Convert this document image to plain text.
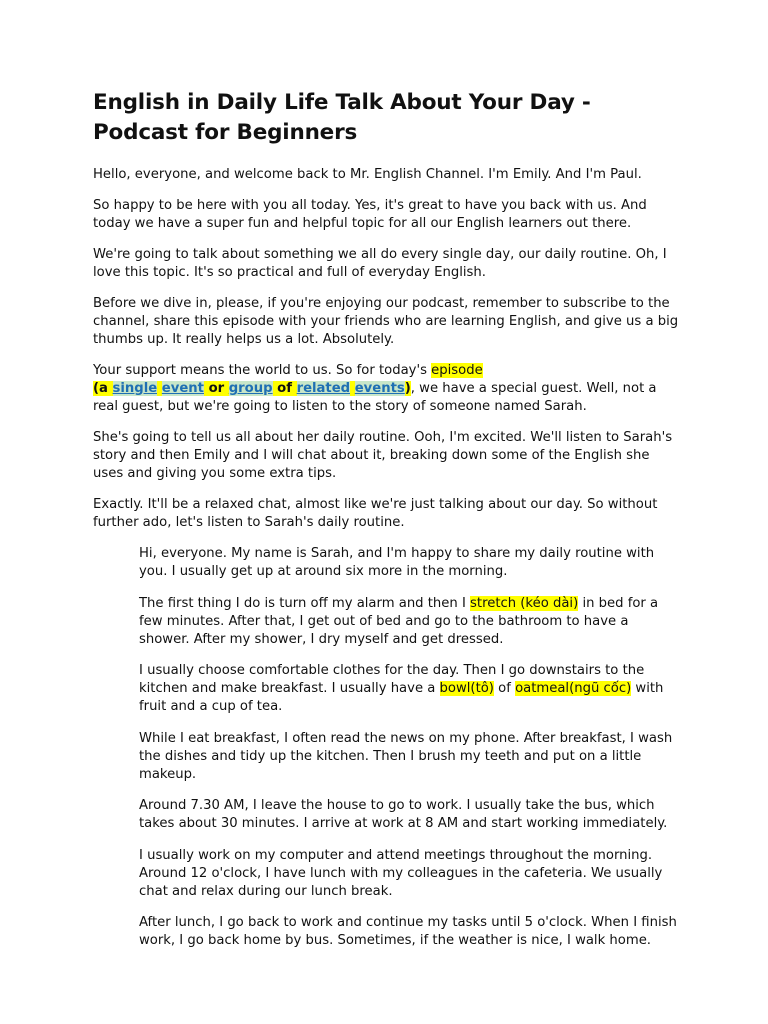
English in Daily Life Talk About Your Day - Podcast for Beginners

Hello, everyone, and welcome back to Mr. English Channel. I'm Emily. And I'm Paul.

So happy to be here with you all today. Yes, it's great to have you back with us. And today we have a super fun and helpful topic for all our English learners out there.

We're going to talk about something we all do every single day, our daily routine. Oh, I love this topic. It's so practical and full of everyday English.

Before we dive in, please, if you're enjoying our podcast, remember to subscribe to the channel, share this episode with your friends who are learning English, and give us a big thumbs up. It really helps us a lot. Absolutely.

Your support means the world to us. So for today's episode
(a single event or group of related events), we have a special guest. Well, not a real guest, but we're going to listen to the story of someone named Sarah.

She's going to tell us all about her daily routine. Ooh, I'm excited. We'll listen to Sarah's story and then Emily and I will chat about it, breaking down some of the English she uses and giving you some extra tips.

Exactly. It'll be a relaxed chat, almost like we're just talking about our day. So without further ado, let's listen to Sarah's daily routine.

Hi, everyone. My name is Sarah, and I'm happy to share my daily routine with you. I usually get up at around six more in the morning.

The first thing I do is turn off my alarm and then I stretch (kéo dài) in bed for a few minutes. After that, I get out of bed and go to the bathroom to have a shower. After my shower, I dry myself and get dressed.

I usually choose comfortable clothes for the day. Then I go downstairs to the kitchen and make breakfast. I usually have a bowl(tô) of oatmeal(ngũ cốc) with fruit and a cup of tea.

While I eat breakfast, I often read the news on my phone. After breakfast, I wash the dishes and tidy up the kitchen. Then I brush my teeth and put on a little makeup.

Around 7.30 AM, I leave the house to go to work. I usually take the bus, which takes about 30 minutes. I arrive at work at 8 AM and start working immediately.

I usually work on my computer and attend meetings throughout the morning. Around 12 o'clock, I have lunch with my colleagues in the cafeteria. We usually chat and relax during our lunch break.

After lunch, I go back to work and continue my tasks until 5 o'clock. When I finish work, I go back home by bus. Sometimes, if the weather is nice, I walk home.
